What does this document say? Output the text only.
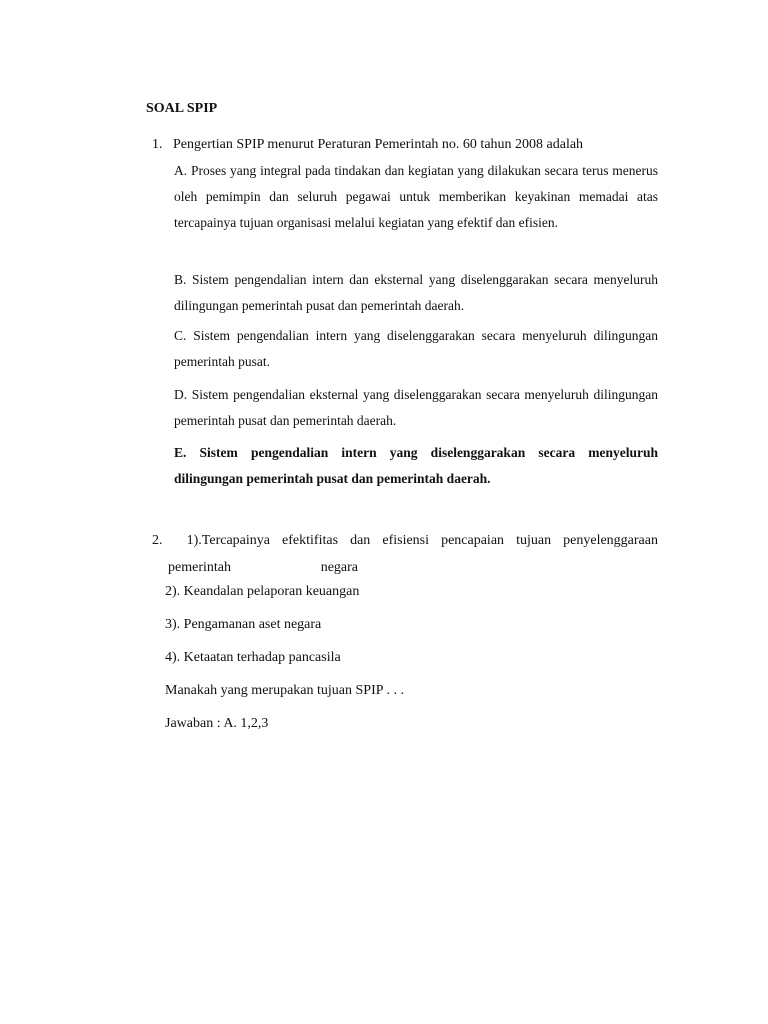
SOAL SPIP
1. Pengertian SPIP menurut Peraturan Pemerintah no. 60 tahun 2008 adalah

A. Proses yang integral pada tindakan dan kegiatan yang dilakukan secara terus menerus oleh pemimpin dan seluruh pegawai untuk memberikan keyakinan memadai atas tercapainya tujuan organisasi melalui kegiatan yang efektif dan efisien.

B. Sistem pengendalian intern dan eksternal yang diselenggarakan secara menyeluruh dilingungan pemerintah pusat dan pemerintah daerah.

C. Sistem pengendalian intern yang diselenggarakan secara menyeluruh dilingungan pemerintah pusat.

D. Sistem pengendalian eksternal yang diselenggarakan secara menyeluruh dilingungan pemerintah pusat dan pemerintah daerah.

E. Sistem pengendalian intern yang diselenggarakan secara menyeluruh dilingungan pemerintah pusat dan pemerintah daerah.

2. 1).Tercapainya efektifitas dan efisiensi pencapaian tujuan penyelenggaraan
pemerintah	negara
2). Keandalan pelaporan keuangan
3). Pengamanan aset negara
4). Ketaatan terhadap pancasila
Manakah yang merupakan tujuan SPIP . . .
Jawaban : A. 1,2,3
